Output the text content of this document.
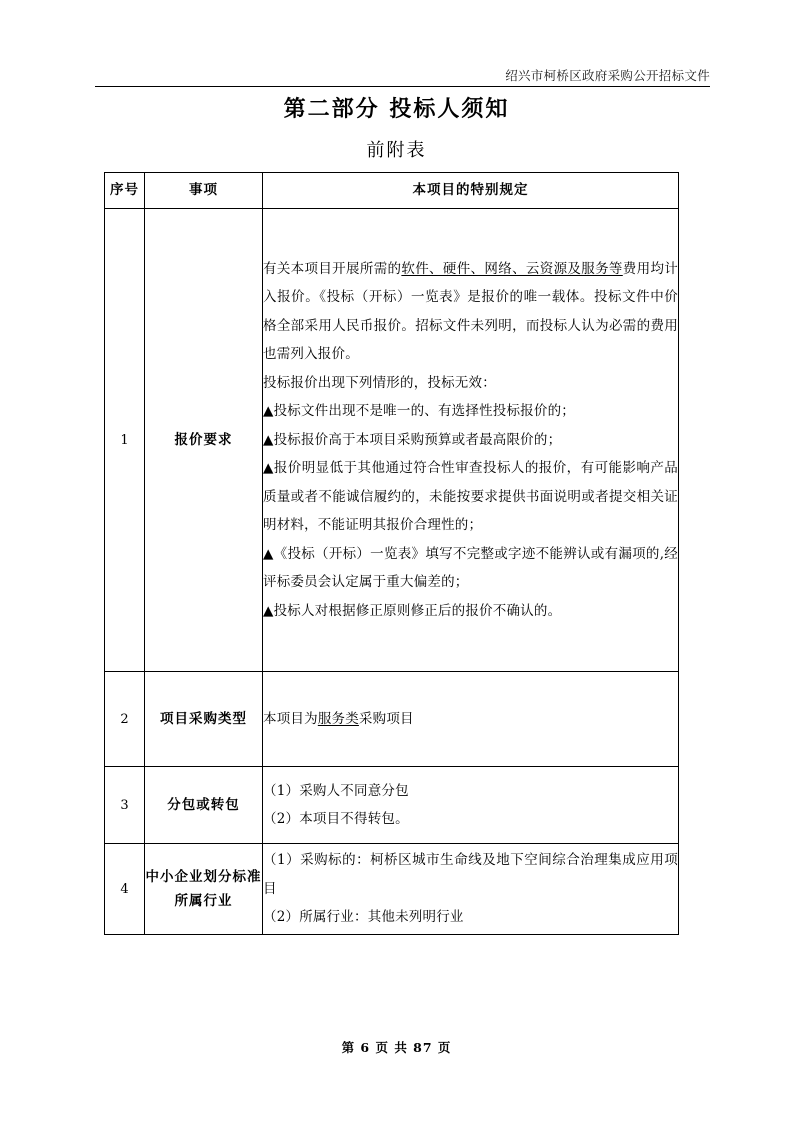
绍兴市柯桥区政府采购公开招标文件
第二部分 投标人须知
前附表
序号	事项	本项目的特别规定
1	报价要求	

有关本项目开展所需的软件、硬件、网络、云资源及服务等费用均计入报价。《投标（开标）一览表》是报价的唯一载体。投标文件中价格全部采用人民币报价。招标文件未列明，而投标人认为必需的费用也需列入报价。

投标报价出现下列情形的，投标无效：

▲投标文件出现不是唯一的、有选择性投标报价的；

▲投标报价高于本项目采购预算或者最高限价的；

▲报价明显低于其他通过符合性审查投标人的报价，有可能影响产品质量或者不能诚信履约的，未能按要求提供书面说明或者提交相关证明材料，不能证明其报价合理性的；

▲《投标（开标）一览表》填写不完整或字迹不能辨认或有漏项的,经评标委员会认定属于重大偏差的；

▲投标人对根据修正原则修正后的报价不确认的。

2	项目采购类型	本项目为服务类采购项目

3	分包或转包	（1）采购人不同意分包

（2）本项目不得转包。

4	中小企业划分标准所属行业	（1）采购标的：柯桥区城市生命线及地下空间综合治理集成应用项目

（2）所属行业：其他未列明行业

第 6 页 共 87 页
